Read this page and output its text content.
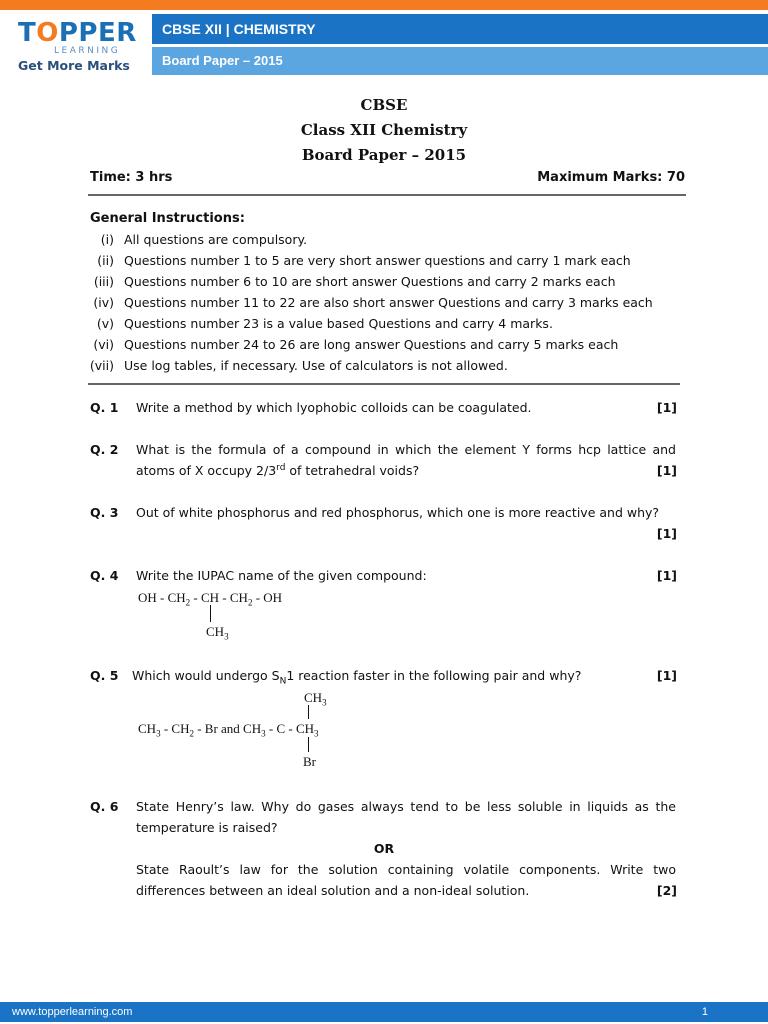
TOPPER
LEARNING
Get More Marks
CBSE XII | CHEMISTRY
Board Paper – 2015
CBSE
Class XII Chemistry
Board Paper – 2015
Time: 3 hrs	Maximum Marks: 70
General Instructions:
(i) All questions are compulsory.
(ii) Questions number 1 to 5 are very short answer questions and carry 1 mark each
(iii) Questions number 6 to 10 are short answer Questions and carry 2 marks each
(iv) Questions number 11 to 22 are also short answer Questions and carry 3 marks each
(v) Questions number 23 is a value based Questions and carry 4 marks.
(vi) Questions number 24 to 26 are long answer Questions and carry 5 marks each
(vii) Use log tables, if necessary. Use of calculators is not allowed.
Q. 1 Write a method by which lyophobic colloids can be coagulated.	[1]
Q. 2 What is the formula of a compound in which the element Y forms hcp lattice and
atoms of X occupy 2/3rd of tetrahedral voids?	[1]
Q. 3 Out of white phosphorus and red phosphorus, which one is more reactive and why?
[1]
Q. 4 Write the IUPAC name of the given compound:	[1]
OH - $CH_2$ - CH - $CH_2$ - OH
$CH_3$
Q. 5 Which would undergo $S_N1$ reaction faster in the following pair and why?	[1]
$CH_3$
$CH_3 - CH_2$ - Br and $CH_3$ - C - $CH_3$
Br
Q. 6 State Henry’s law. Why do gases always tend to be less soluble in liquids as the
temperature is raised?
OR
State Raoult’s law for the solution containing volatile components. Write two
differences between an ideal solution and a non-ideal solution.	[2]
www.topperlearning.com	1
